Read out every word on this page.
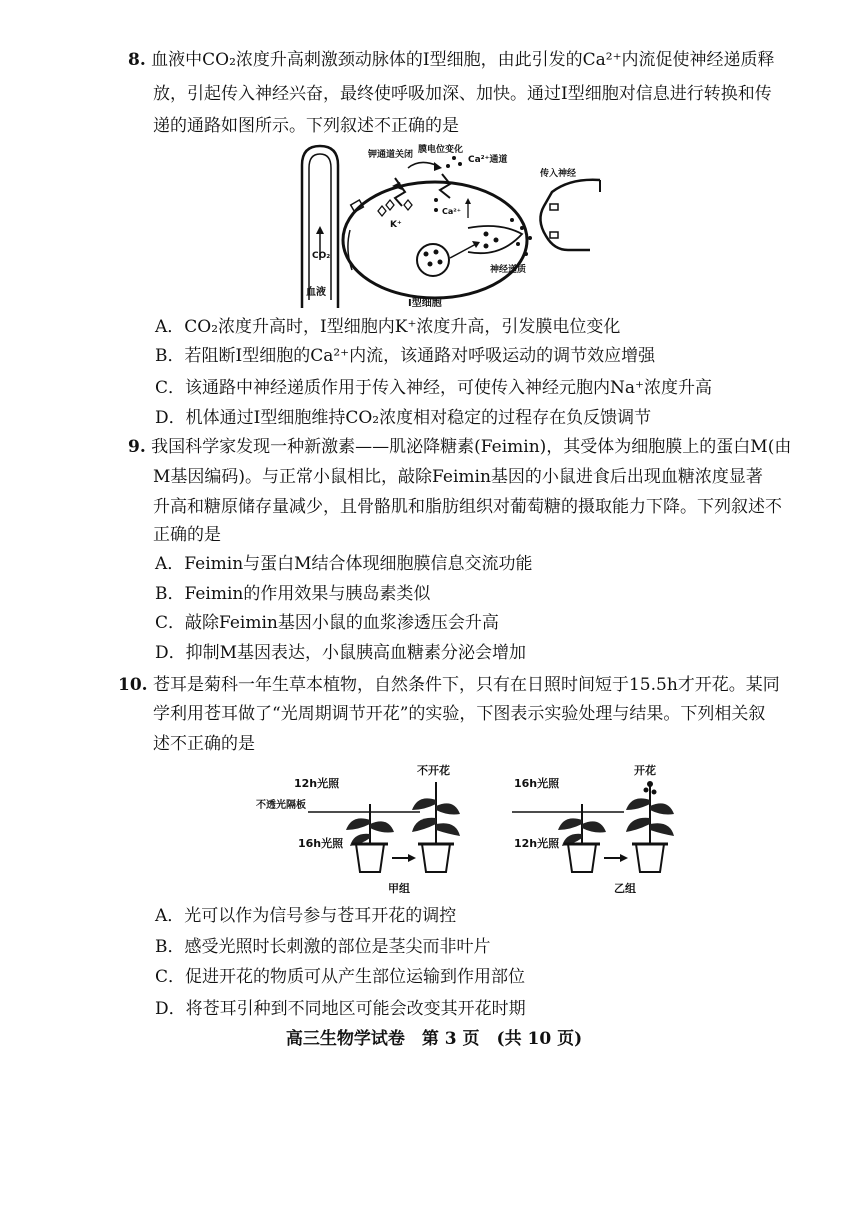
8. 血液中CO₂浓度升高刺激颈动脉体的Ⅰ型细胞，由此引发的Ca²⁺内流促使神经递质释
放，引起传入神经兴奋，最终使呼吸加深、加快。通过Ⅰ型细胞对信息进行转换和传
递的通路如图所示。下列叙述不正确的是
CO₂
血液
钾通道关闭
K⁺
膜电位变化
Ca²⁺通道
Ca²⁺
传入神经
神经递质
Ⅰ型细胞
A．CO₂浓度升高时，Ⅰ型细胞内K⁺浓度升高，引发膜电位变化
B．若阻断Ⅰ型细胞的Ca²⁺内流，该通路对呼吸运动的调节效应增强
C．该通路中神经递质作用于传入神经，可使传入神经元胞内Na⁺浓度升高
D．机体通过Ⅰ型细胞维持CO₂浓度相对稳定的过程存在负反馈调节
9. 我国科学家发现一种新激素——肌泌降糖素(Feimin)，其受体为细胞膜上的蛋白M(由
M基因编码)。与正常小鼠相比，敲除Feimin基因的小鼠进食后出现血糖浓度显著
升高和糖原储存量减少，且骨骼肌和脂肪组织对葡萄糖的摄取能力下降。下列叙述不
正确的是
A．Feimin与蛋白M结合体现细胞膜信息交流功能
B．Feimin的作用效果与胰岛素类似
C．敲除Feimin基因小鼠的血浆渗透压会升高
D．抑制M基因表达，小鼠胰高血糖素分泌会增加
10. 苍耳是菊科一年生草本植物，自然条件下，只有在日照时间短于15.5h才开花。某同
学利用苍耳做了“光周期调节开花”的实验，下图表示实验处理与结果。下列相关叙
述不正确的是
12h光照
不透光隔板
16h光照
不开花
甲组
16h光照
12h光照
开花
乙组
A．光可以作为信号参与苍耳开花的调控
B．感受光照时长刺激的部位是茎尖而非叶片
C．促进开花的物质可从产生部位运输到作用部位
D．将苍耳引种到不同地区可能会改变其开花时期
高三生物学试卷　第 3 页　(共 10 页)
